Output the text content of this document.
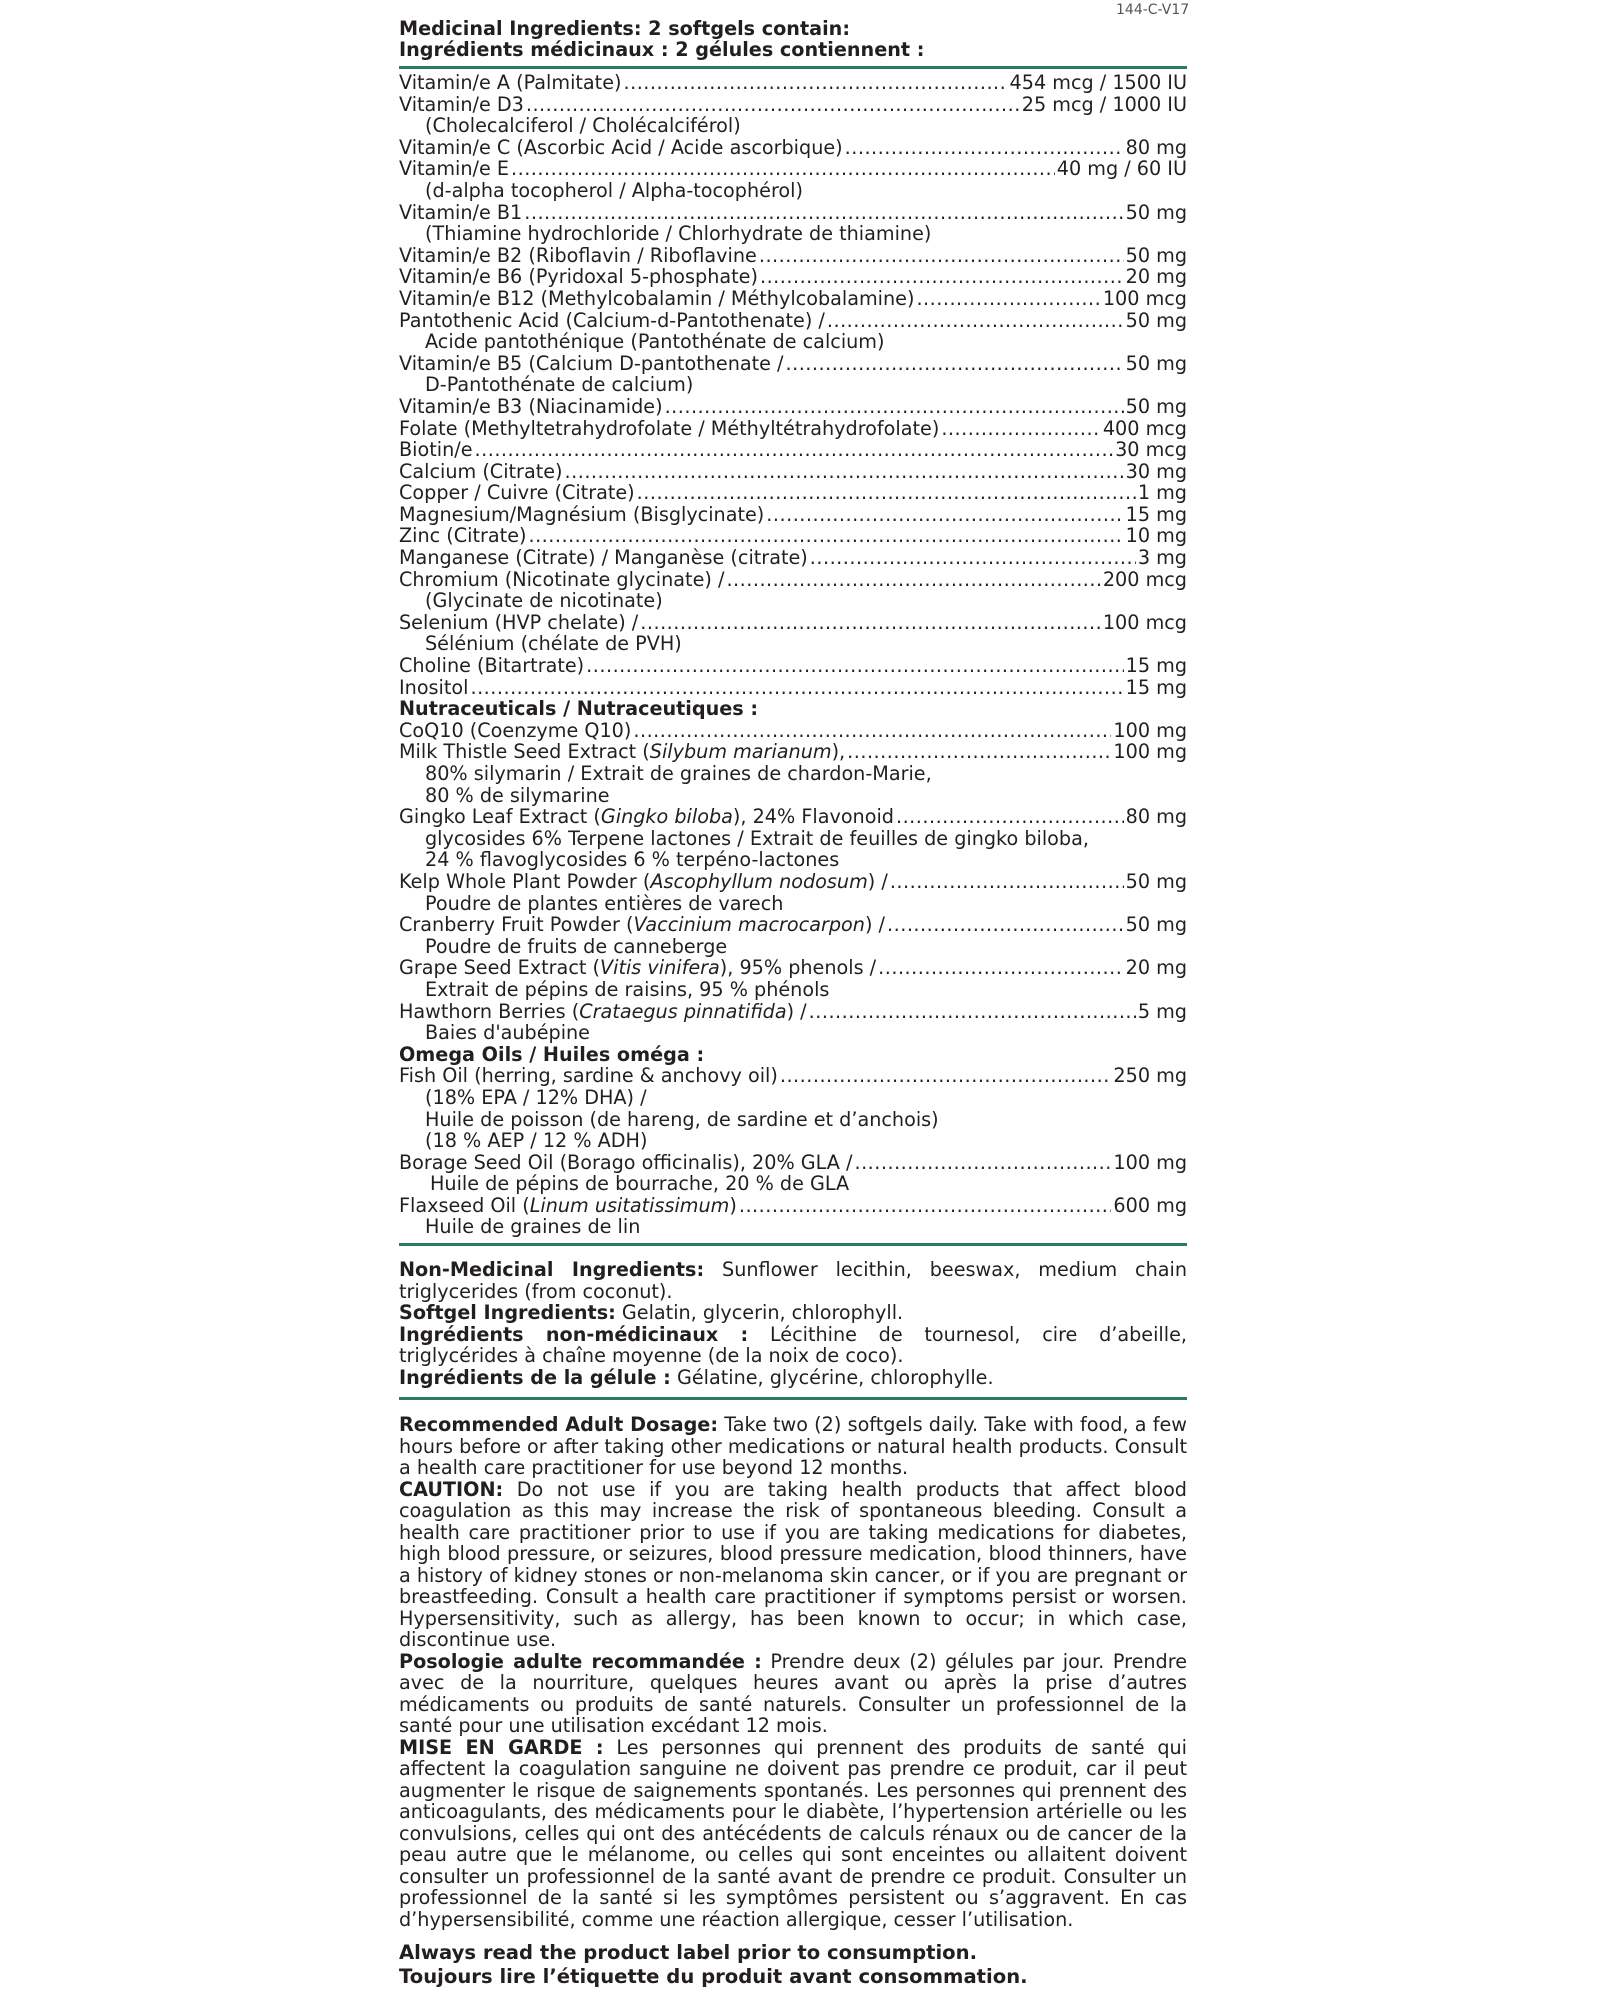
144-C-V17
Medicinal Ingredients: 2 softgels contain:
Ingrédients médicinaux : 2 gélules contiennent :
Vitamin/e A (Palmitate) .....	454 mcg / 1500 IU
Vitamin/e D3 .....	25 mcg / 1000 IU
(Cholecalciferol / Cholécalciférol)
Vitamin/e C (Ascorbic Acid / Acide ascorbique) .....	80 mg
Vitamin/e E .....	40 mg / 60 IU
(d-alpha tocopherol / Alpha-tocophérol)
Vitamin/e B1 .....	50 mg
(Thiamine hydrochloride / Chlorhydrate de thiamine)
Vitamin/e B2 (Riboflavin / Riboflavine .....	50 mg
Vitamin/e B6 (Pyridoxal 5-phosphate) .....	20 mg
Vitamin/e B12 (Methylcobalamin / Méthylcobalamine) .....	100 mcg
Pantothenic Acid (Calcium-d-Pantothenate) / .....	50 mg
Acide pantothénique (Pantothénate de calcium)
Vitamin/e B5 (Calcium D-pantothenate / .....	50 mg
D-Pantothénate de calcium)
Vitamin/e B3 (Niacinamide) .....	50 mg
Folate (Methyltetrahydrofolate / Méthyltétrahydrofolate) .....	400 mcg
Biotin/e .....	30 mcg
Calcium (Citrate) .....	30 mg
Copper / Cuivre (Citrate) .....	1 mg
Magnesium/Magnésium (Bisglycinate) .....	15 mg
Zinc (Citrate) .....	10 mg
Manganese (Citrate) / Manganèse (citrate) .....	3 mg
Chromium (Nicotinate glycinate) / .....	200 mcg
(Glycinate de nicotinate)
Selenium (HVP chelate) / .....	100 mcg
Sélénium (chélate de PVH)
Choline (Bitartrate) .....	15 mg
Inositol .....	15 mg
Nutraceuticals / Nutraceutiques :
CoQ10 (Coenzyme Q10) .....	100 mg
Milk Thistle Seed Extract (Silybum marianum), .....	100 mg
80% silymarin / Extrait de graines de chardon-Marie,
80 % de silymarine
Gingko Leaf Extract (Gingko biloba), 24% Flavonoid .....	80 mg
glycosides 6% Terpene lactones / Extrait de feuilles de gingko biloba,
24 % flavoglycosides 6 % terpéno-lactones
Kelp Whole Plant Powder (Ascophyllum nodosum) / .....	50 mg
Poudre de plantes entières de varech
Cranberry Fruit Powder (Vaccinium macrocarpon) / .....	50 mg
Poudre de fruits de canneberge
Grape Seed Extract (Vitis vinifera), 95% phenols / .....	20 mg
Extrait de pépins de raisins, 95 % phénols
Hawthorn Berries (Crataegus pinnatifida) / .....	5 mg
Baies d'aubépine
Omega Oils / Huiles oméga :
Fish Oil (herring, sardine & anchovy oil) .....	250 mg
(18% EPA / 12% DHA) /
Huile de poisson (de hareng, de sardine et d’anchois)
(18 % AEP / 12 % ADH)
Borage Seed Oil (Borago officinalis), 20% GLA / .....	100 mg
Huile de pépins de bourrache, 20 % de GLA
Flaxseed Oil (Linum usitatissimum) .....	600 mg
Huile de graines de lin

Non-Medicinal Ingredients: Sunflower lecithin, beeswax, medium chain triglycerides (from coconut).

Softgel Ingredients: Gelatin, glycerin, chlorophyll.

Ingrédients non-médicinaux : Lécithine de tournesol, cire d’abeille, triglycérides à chaîne moyenne (de la noix de coco).

Ingrédients de la gélule : Gélatine, glycérine, chlorophylle.

Recommended Adult Dosage: Take two (2) softgels daily. Take with food, a few hours before or after taking other medications or natural health products. Consult a health care practitioner for use beyond 12 months.

CAUTION: Do not use if you are taking health products that affect blood coagulation as this may increase the risk of spontaneous bleeding. Consult a health care practitioner prior to use if you are taking medications for diabetes, high blood pressure, or seizures, blood pressure medication, blood thinners, have a history of kidney stones or non-melanoma skin cancer, or if you are pregnant or breastfeeding. Consult a health care practitioner if symptoms persist or worsen. Hypersensitivity, such as allergy, has been known to occur; in which case, discontinue use.

Posologie adulte recommandée : Prendre deux (2) gélules par jour. Prendre avec de la nourriture, quelques heures avant ou après la prise d’autres médicaments ou produits de santé naturels. Consulter un professionnel de la santé pour une utilisation excédant 12 mois.

MISE EN GARDE : Les personnes qui prennent des produits de santé qui affectent la coagulation sanguine ne doivent pas prendre ce produit, car il peut augmenter le risque de saignements spontanés. Les personnes qui prennent des anticoagulants, des médicaments pour le diabète, l’hypertension artérielle ou les convulsions, celles qui ont des antécédents de calculs rénaux ou de cancer de la peau autre que le mélanome, ou celles qui sont enceintes ou allaitent doivent consulter un professionnel de la santé avant de prendre ce produit. Consulter un professionnel de la santé si les symptômes persistent ou s’aggravent. En cas d’hypersensibilité, comme une réaction allergique, cesser l’utilisation.

Always read the product label prior to consumption.
Toujours lire l’étiquette du produit avant consommation.
